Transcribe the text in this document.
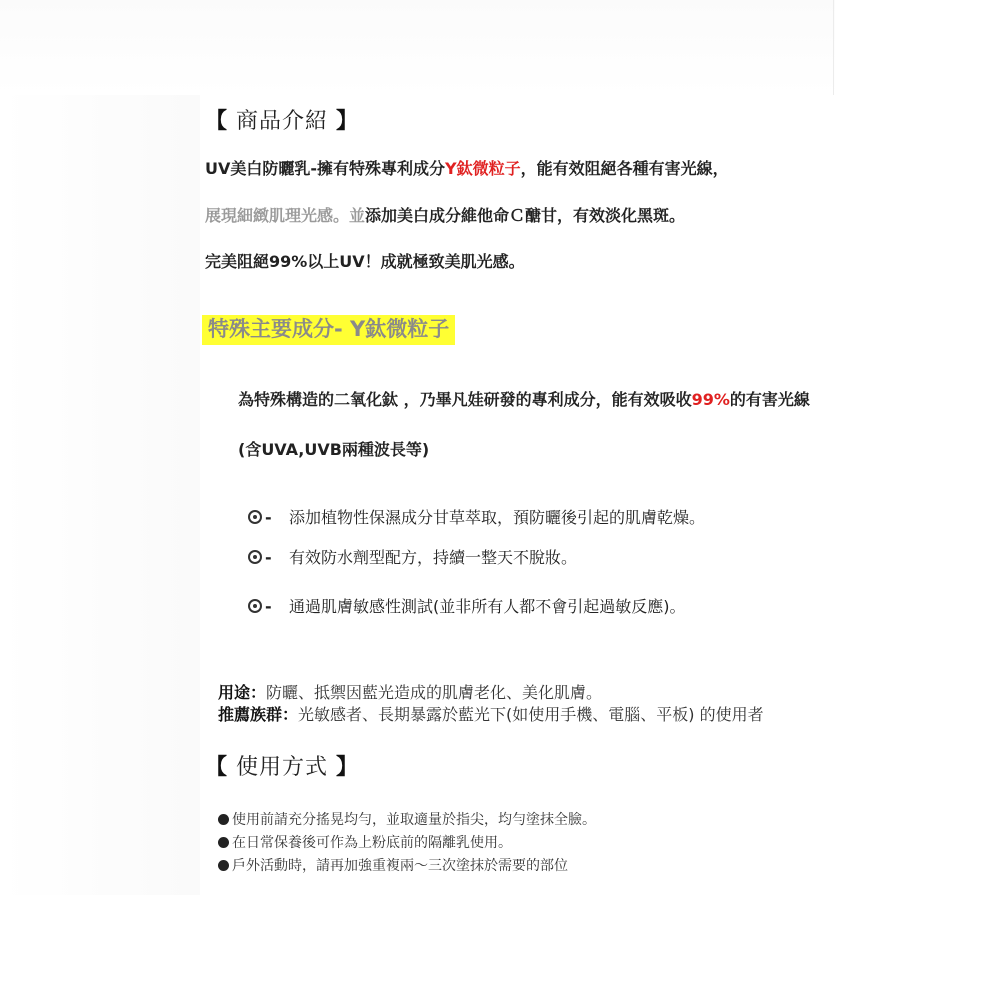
【 商品介紹 】
UV美白防曬乳-擁有特殊專利成分Y鈦微粒子，能有效阻絕各種有害光線，
展現細緻肌理光感。並添加美白成分維他命Ｃ醣甘，有效淡化黑斑。
完美阻絕99%以上UV！成就極致美肌光感。
特殊主要成分- Y鈦微粒子
為特殊構造的二氧化鈦 ，乃畢凡娃研發的專利成分，能有效吸收99%的有害光線
(含UVA,UVB兩種波長等)
- 添加植物性保濕成分甘草萃取，預防曬後引起的肌膚乾燥。
- 有效防水劑型配方，持續一整天不脫妝。
- 通過肌膚敏感性測試(並非所有人都不會引起過敏反應)。
用途：防曬、抵禦因藍光造成的肌膚老化、美化肌膚。
推薦族群：光敏感者、長期暴露於藍光下(如使用手機、電腦、平板) 的使用者
【 使用方式 】
使用前請充分搖晃均勻，並取適量於指尖，均勻塗抹全臉。
在日常保養後可作為上粉底前的隔離乳使用。
戶外活動時，請再加強重複兩～三次塗抹於需要的部位
